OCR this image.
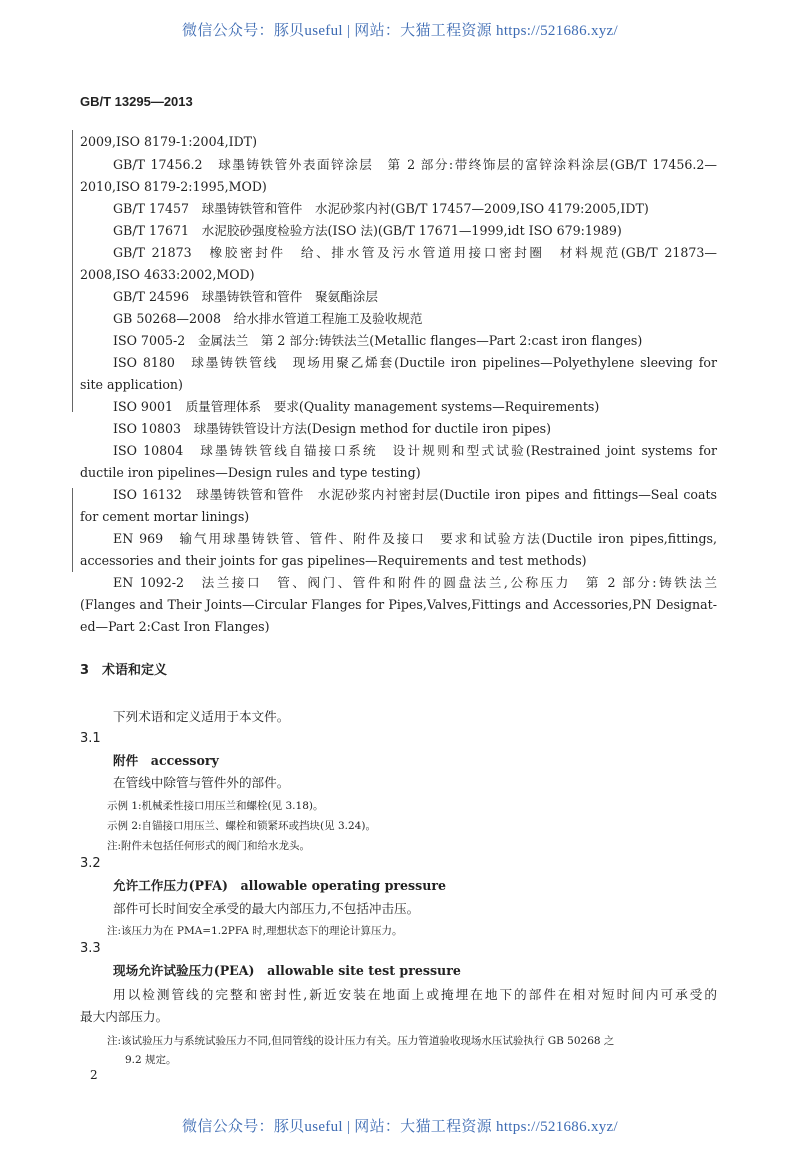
微信公众号：豚贝useful | 网站：大猫工程资源 https://521686.xyz/
GB/T 13295—2013
2009,ISO 8179-1:2004,IDT)
GB/T 17456.2　球墨铸铁管外表面锌涂层　第 2 部分:带终饰层的富锌涂料涂层(GB/T 17456.2—
2010,ISO 8179-2:1995,MOD)
GB/T 17457　球墨铸铁管和管件　水泥砂浆内衬(GB/T 17457—2009,ISO 4179:2005,IDT)
GB/T 17671　水泥胶砂强度检验方法(ISO 法)(GB/T 17671—1999,idt ISO 679:1989)
GB/T 21873　橡胶密封件　给、排水管及污水管道用接口密封圈　材料规范(GB/T 21873—
2008,ISO 4633:2002,MOD)
GB/T 24596　球墨铸铁管和管件　聚氨酯涂层
GB 50268—2008　给水排水管道工程施工及验收规范
ISO 7005-2　金属法兰　第 2 部分:铸铁法兰(Metallic flanges—Part 2:cast iron flanges)
ISO 8180　球墨铸铁管线　现场用聚乙烯套(Ductile iron pipelines—Polyethylene sleeving for
site application)
ISO 9001　质量管理体系　要求(Quality management systems—Requirements)
ISO 10803　球墨铸铁管设计方法(Design method for ductile iron pipes)
ISO 10804　球墨铸铁管线自锚接口系统　设计规则和型式试验(Restrained joint systems for
ductile iron pipelines—Design rules and type testing)
ISO 16132　球墨铸铁管和管件　水泥砂浆内衬密封层(Ductile iron pipes and fittings—Seal coats
for cement mortar linings)
EN 969　输气用球墨铸铁管、管件、附件及接口　要求和试验方法(Ductile iron pipes,fittings,
accessories and their joints for gas pipelines—Requirements and test methods)
EN 1092-2　法兰接口　管、阀门、管件和附件的圆盘法兰,公称压力　第 2 部分:铸铁法兰
(Flanges and Their Joints—Circular Flanges for Pipes,Valves,Fittings and Accessories,PN Designat-
ed—Part 2:Cast Iron Flanges)
3　术语和定义
下列术语和定义适用于本文件。
3.1
附件　accessory
在管线中除管与管件外的部件。
示例 1:机械柔性接口用压兰和螺栓(见 3.18)。
示例 2:自锚接口用压兰、螺栓和锁紧环或挡块(见 3.24)。
注:附件未包括任何形式的阀门和给水龙头。
3.2
允许工作压力(PFA)　allowable operating pressure
部件可长时间安全承受的最大内部压力,不包括冲击压。
注:该压力为在 PMA=1.2PFA 时,理想状态下的理论计算压力。
3.3
现场允许试验压力(PEA)　allowable site test pressure
用以检测管线的完整和密封性,新近安装在地面上或掩埋在地下的部件在相对短时间内可承受的
最大内部压力。
注:该试验压力与系统试验压力不同,但同管线的设计压力有关。压力管道验收现场水压试验执行 GB 50268 之
9.2 规定。
2
微信公众号：豚贝useful | 网站：大猫工程资源 https://521686.xyz/
